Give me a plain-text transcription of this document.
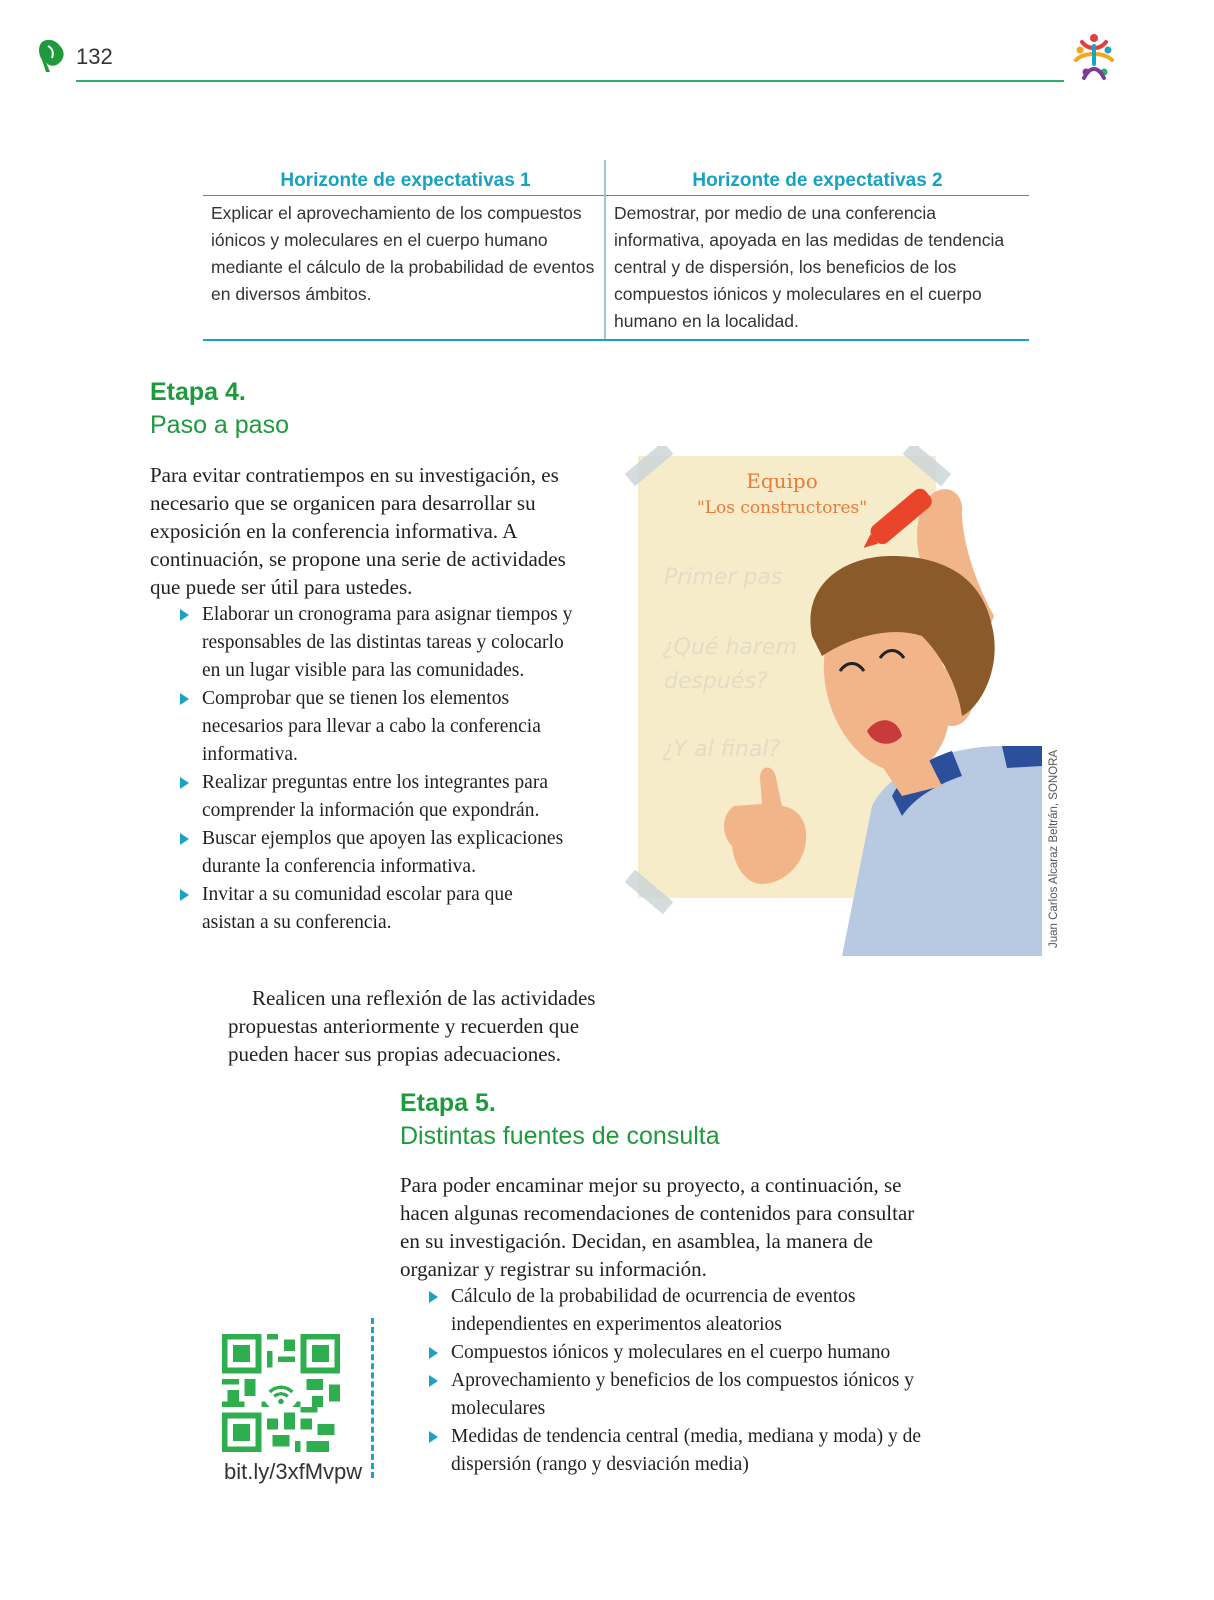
132
Horizonte de expectativas 1
Explicar el aprovechamiento de los compuestos iónicos y moleculares en el cuerpo humano mediante el cálculo de la probabilidad de eventos en diversos ámbitos.
Horizonte de expectativas 2
Demostrar, por medio de una conferencia informativa, apoyada en las medidas de tendencia central y de dispersión, los beneficios de los compuestos iónicos y moleculares en el cuerpo humano en la localidad.
Etapa 4.
Paso a paso
Para evitar contratiempos en su investigación, es necesario que se organicen para desarrollar su exposición en la conferencia informativa. A continuación, se propone una serie de actividades que puede ser útil para ustedes.
Elaborar un cronograma para asignar tiempos y responsables de las distintas tareas y colocarlo en un lugar visible para las comunidades.
Comprobar que se tienen los elementos necesarios para llevar a cabo la conferencia informativa.
Realizar preguntas entre los integrantes para comprender la información que expondrán.
Buscar ejemplos que apoyen las explicaciones durante la conferencia informativa.
Invitar a su comunidad escolar para que asistan a su conferencia.
Realicen una reflexión de las actividades propuestas anteriormente y recuerden que pueden hacer sus propias adecuaciones.
Equipo
"Los constructores"
Primer pas
¿Qué harem
después?
¿Y al final?
Juan Carlos Alcaraz Beltrán, SONORA
Etapa 5.
Distintas fuentes de consulta
Para poder encaminar mejor su proyecto, a continuación, se hacen algunas recomendaciones de contenidos para consultar en su investigación. Decidan, en asamblea, la manera de organizar y registrar su información.
Cálculo de la probabilidad de ocurrencia de eventos independientes en experimentos aleatorios
Compuestos iónicos y moleculares en el cuerpo humano
Aprovechamiento y beneficios de los compuestos iónicos y moleculares
Medidas de tendencia central (media, mediana y moda) y de dispersión (rango y desviación media)
bit.ly/3xfMvpw
